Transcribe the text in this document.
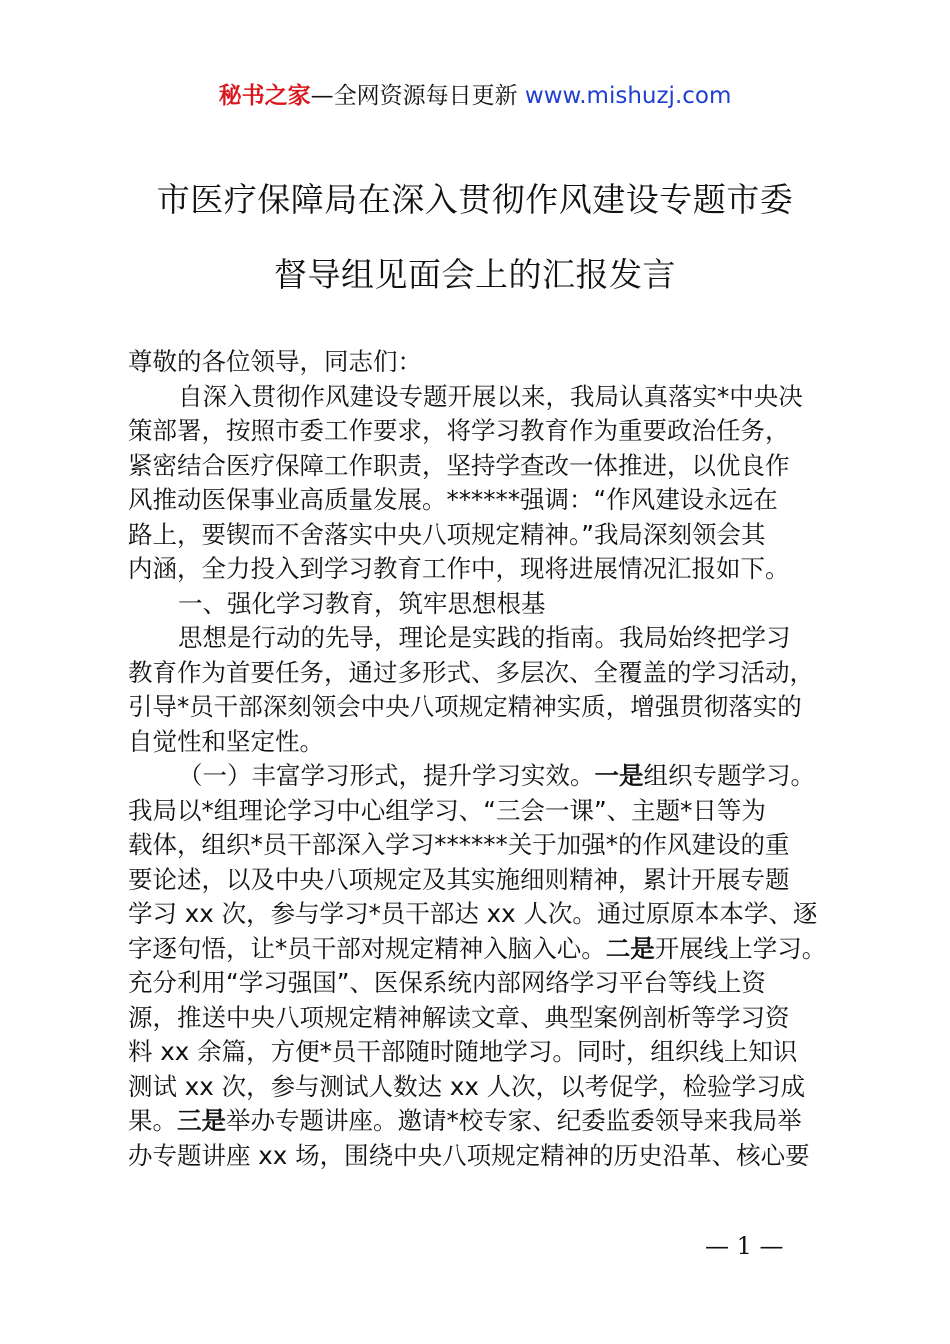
秘书之家—全网资源每日更新 www.mishuzj.com
市医疗保障局在深入贯彻作风建设专题市委
督导组见面会上的汇报发言
尊敬的各位领导，同志们：
自深入贯彻作风建设专题开展以来，我局认真落实*中央决
策部署，按照市委工作要求，将学习教育作为重要政治任务，
紧密结合医疗保障工作职责，坚持学查改一体推进，以优良作
风推动医保事业高质量发展。******强调：“作风建设永远在
路上，要锲而不舍落实中央八项规定精神。”我局深刻领会其
内涵，全力投入到学习教育工作中，现将进展情况汇报如下。
一、强化学习教育，筑牢思想根基
思想是行动的先导，理论是实践的指南。我局始终把学习
教育作为首要任务，通过多形式、多层次、全覆盖的学习活动，
引导*员干部深刻领会中央八项规定精神实质，增强贯彻落实的
自觉性和坚定性。
（一）丰富学习形式，提升学习实效。一是组织专题学习。
我局以*组理论学习中心组学习、“三会一课”、主题*日等为
载体，组织*员干部深入学习******关于加强*的作风建设的重
要论述，以及中央八项规定及其实施细则精神，累计开展专题
学习 xx 次，参与学习*员干部达 xx 人次。通过原原本本学、逐
字逐句悟，让*员干部对规定精神入脑入心。二是开展线上学习。
充分利用“学习强国”、医保系统内部网络学习平台等线上资
源，推送中央八项规定精神解读文章、典型案例剖析等学习资
料 xx 余篇，方便*员干部随时随地学习。同时，组织线上知识
测试 xx 次，参与测试人数达 xx 人次，以考促学，检验学习成
果。三是举办专题讲座。邀请*校专家、纪委监委领导来我局举
办专题讲座 xx 场，围绕中央八项规定精神的历史沿革、核心要
— 1 —
